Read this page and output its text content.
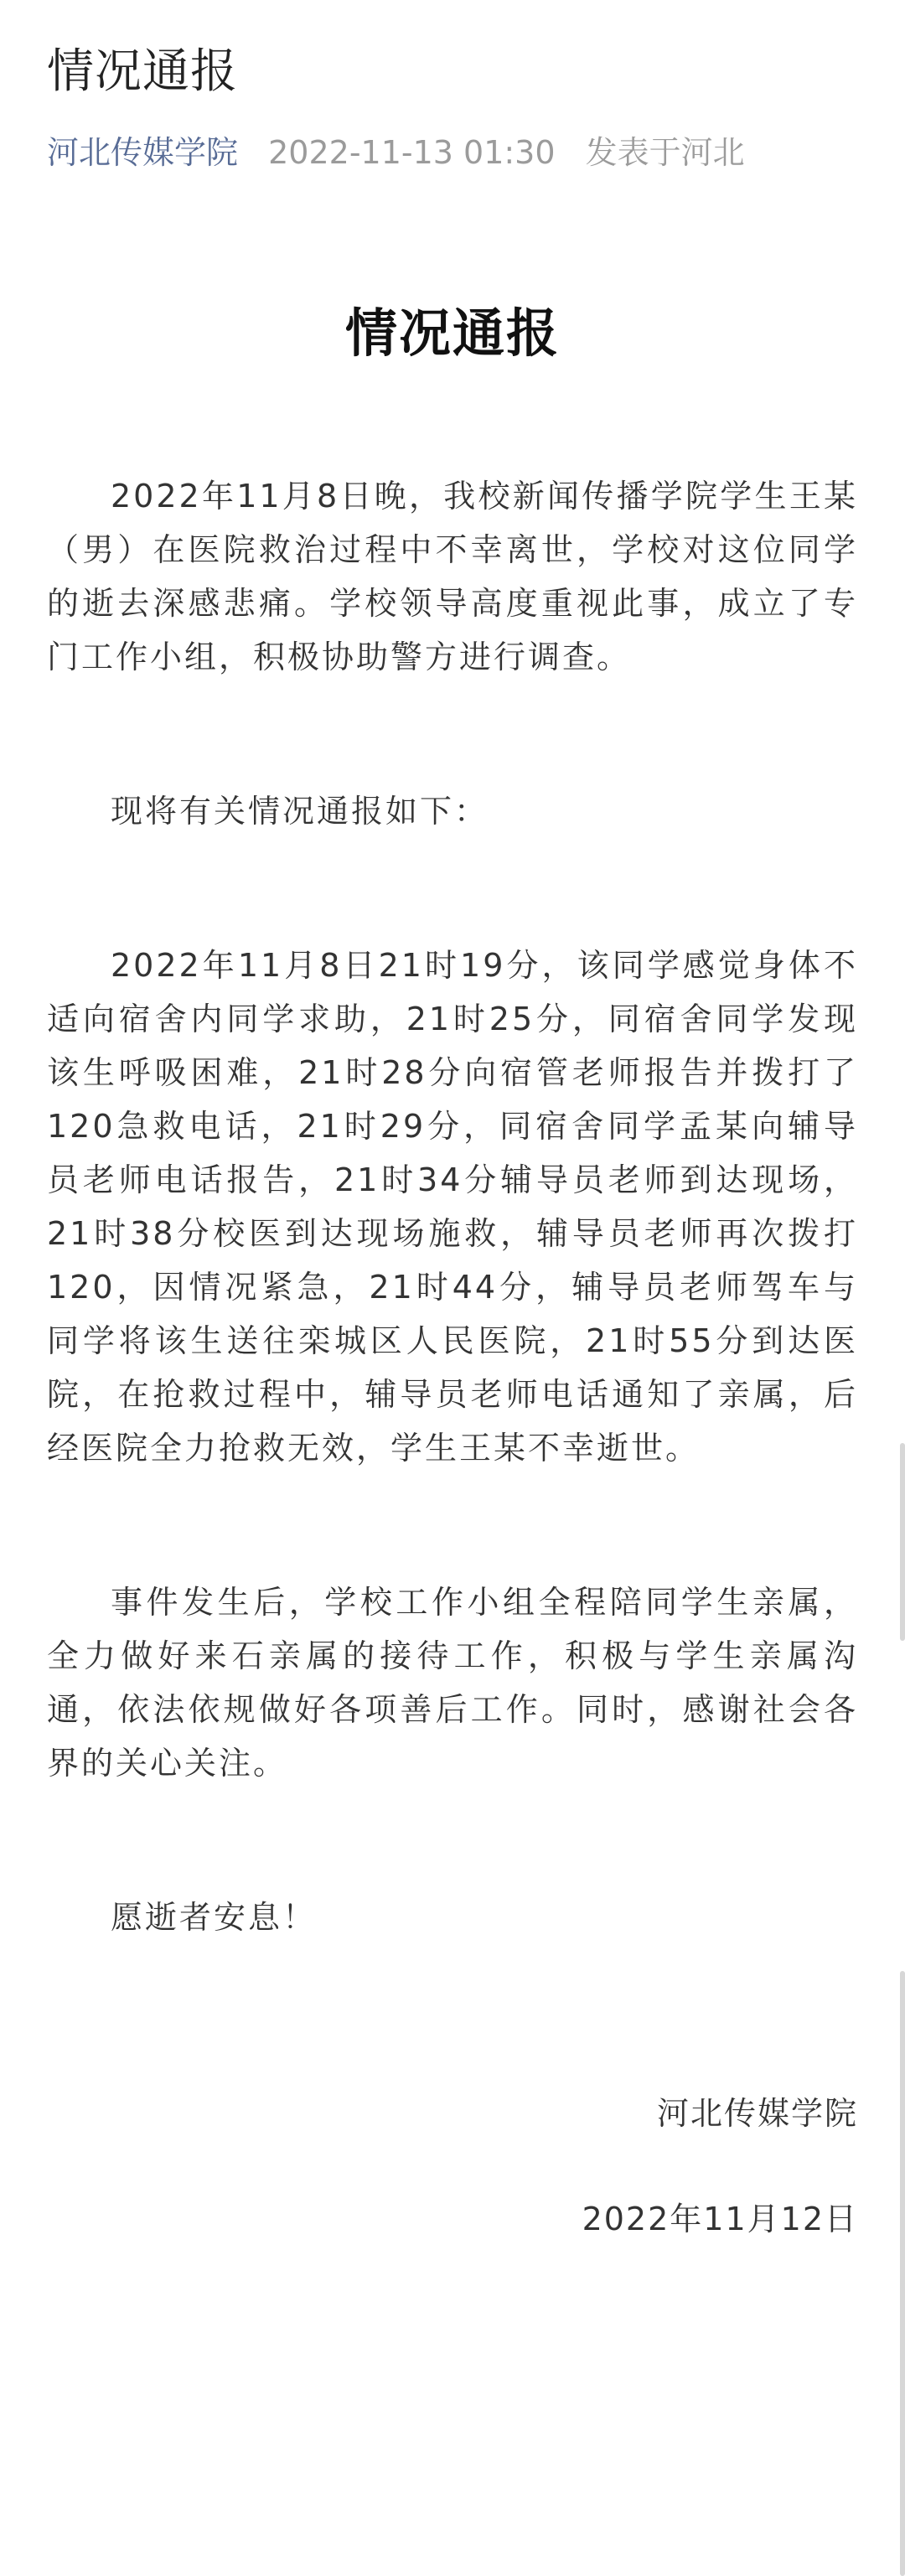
情况通报
河北传媒学院 2022-11-13 01:30 发表于河北
情况通报

2022年11月8日晚，我校新闻传播学院学生王某（男）在医院救治过程中不幸离世，学校对这位同学的逝去深感悲痛。学校领导高度重视此事，成立了专门工作小组，积极协助警方进行调查。

现将有关情况通报如下：

2022年11月8日21时19分，该同学感觉身体不适向宿舍内同学求助，21时25分，同宿舍同学发现该生呼吸困难，21时28分向宿管老师报告并拨打了120急救电话，21时29分，同宿舍同学孟某向辅导员老师电话报告，21时34分辅导员老师到达现场，21时38分校医到达现场施救，辅导员老师再次拨打120，因情况紧急，21时44分，辅导员老师驾车与同学将该生送往栾城区人民医院，21时55分到达医院，在抢救过程中，辅导员老师电话通知了亲属，后经医院全力抢救无效，学生王某不幸逝世。

事件发生后，学校工作小组全程陪同学生亲属，全力做好来石亲属的接待工作，积极与学生亲属沟通，依法依规做好各项善后工作。同时，感谢社会各界的关心关注。

愿逝者安息！

河北传媒学院

2022年11月12日
